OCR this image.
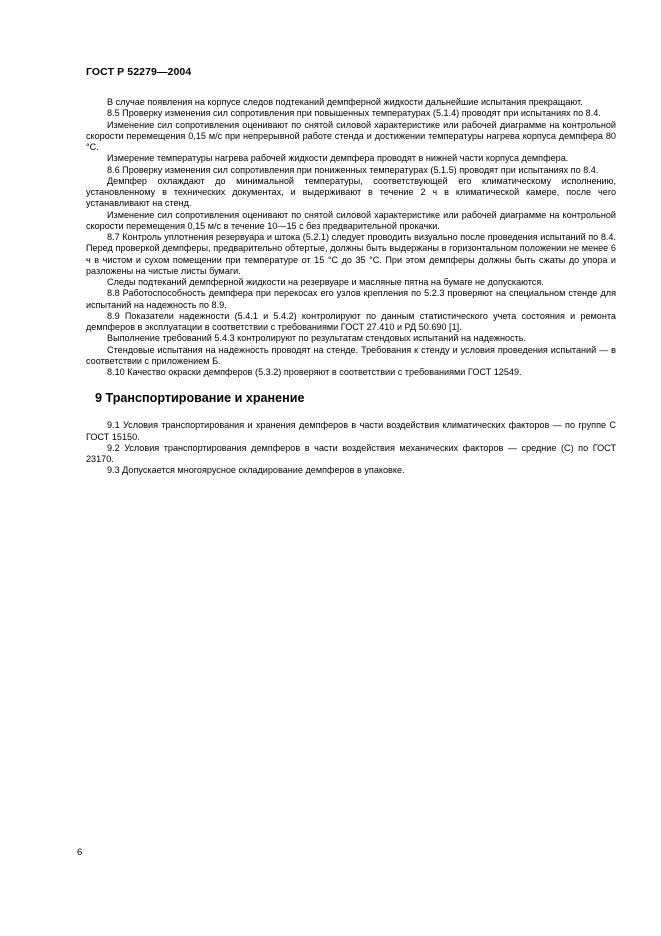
ГОСТ Р 52279—2004

В случае появления на корпусе следов подтеканий демпферной жидкости дальнейшие испытания прекращают.

8.5 Проверку изменения сил сопротивления при повышенных температурах (5.1.4) проводят при испытаниях по 8.4.

Изменение сил сопротивления оценивают по снятой силовой характеристике или рабочей диаграмме на контрольной скорости перемещения 0,15 м/с при непрерывной работе стенда и достижении температуры нагрева корпуса демпфера 80 °С.

Измерение температуры нагрева рабочей жидкости демпфера проводят в нижней части корпуса демпфера.

8.6 Проверку изменения сил сопротивления при пониженных температурах (5.1.5) проводят при испытаниях по 8.4.

Демпфер охлаждают до минимальной температуры, соответствующей его климатическому исполнению, установленному в технических документах, и выдерживают в течение 2 ч в климатической камере, после чего устанавливают на стенд.

Изменение сил сопротивления оценивают по снятой силовой характеристике или рабочей диаграмме на контрольной скорости перемещения 0,15 м/с в течение 10—15 с без предварительной прокачки.

8.7 Контроль уплотнения резервуара и штока (5.2.1) следует проводить визуально после проведения испытаний по 8.4. Перед проверкой демпферы, предварительно обтертые, должны быть выдержаны в горизонтальном положении не менее 6 ч в чистом и сухом помещении при температуре от 15 °С до 35 °С. При этом демпферы должны быть сжаты до упора и разложены на чистые листы бумаги.

Следы подтеканий демпферной жидкости на резервуаре и масляные пятна на бумаге не допускаются.

8.8 Работоспособность демпфера при перекосах его узлов крепления по 5.2.3 проверяют на специальном стенде для испытаний на надежность по 8.9.

8.9 Показатели надежности (5.4.1 и 5.4.2) контролируют по данным статистического учета состояния и ремонта демпферов в эксплуатации в соответствии с требованиями ГОСТ 27.410 и РД 50.690 [1].

Выполнение требований 5.4.3 контролируют по результатам стендовых испытаний на надежность.

Стендовые испытания на надежность проводят на стенде. Требования к стенду и условия проведения испытаний — в соответствии с приложением Б.

8.10 Качество окраски демпферов (5.3.2) проверяют в соответствии с требованиями ГОСТ 12549.

9 Транспортирование и хранение

9.1 Условия транспортирования и хранения демпферов в части воздействия климатических факторов — по группе С ГОСТ 15150.

9.2 Условия транспортирования демпферов в части воздействия механических факторов — средние (С) по ГОСТ 23170.

9.3 Допускается многоярусное складирование демпферов в упаковке.

6
